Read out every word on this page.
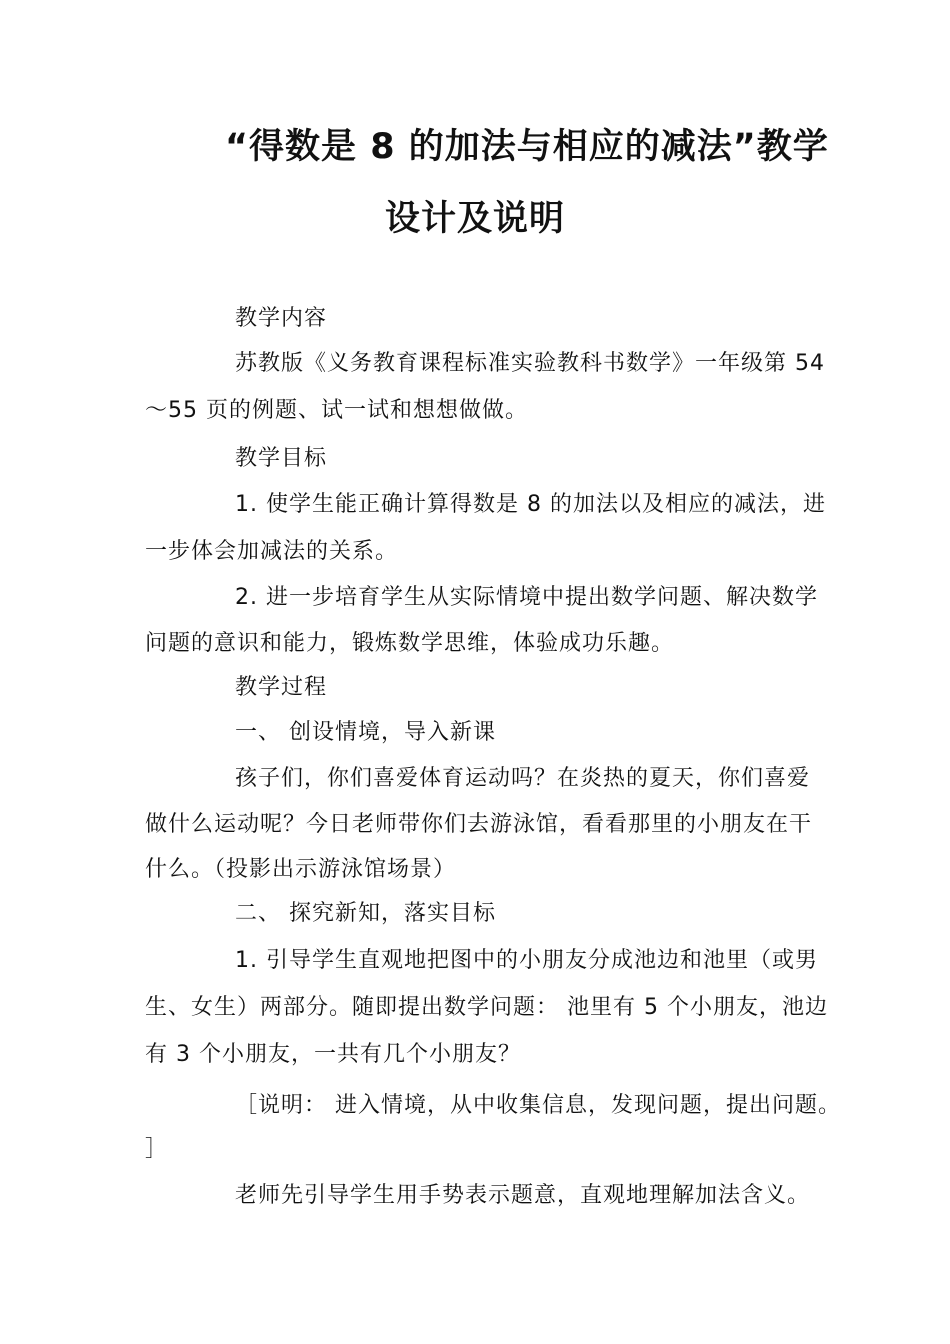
“得数是 8 的加法与相应的减法”教学
设计及说明
教学内容
苏教版《义务教育课程标准实验教科书数学》一年级第 54
～55 页的例题、试一试和想想做做。
教学目标
1. 使学生能正确计算得数是 8 的加法以及相应的减法，进
一步体会加减法的关系。
2. 进一步培育学生从实际情境中提出数学问题、解决数学
问题的意识和能力，锻炼数学思维，体验成功乐趣。
教学过程
一、 创设情境，导入新课
孩子们，你们喜爱体育运动吗？在炎热的夏天，你们喜爱
做什么运动呢？今日老师带你们去游泳馆，看看那里的小朋友在干
什么。（投影出示游泳馆场景）
二、 探究新知，落实目标
1. 引导学生直观地把图中的小朋友分成池边和池里（或男
生、女生）两部分。随即提出数学问题： 池里有 5 个小朋友，池边
有 3 个小朋友，一共有几个小朋友？
［说明： 进入情境，从中收集信息，发现问题，提出问题。
］
老师先引导学生用手势表示题意，直观地理解加法含义。
